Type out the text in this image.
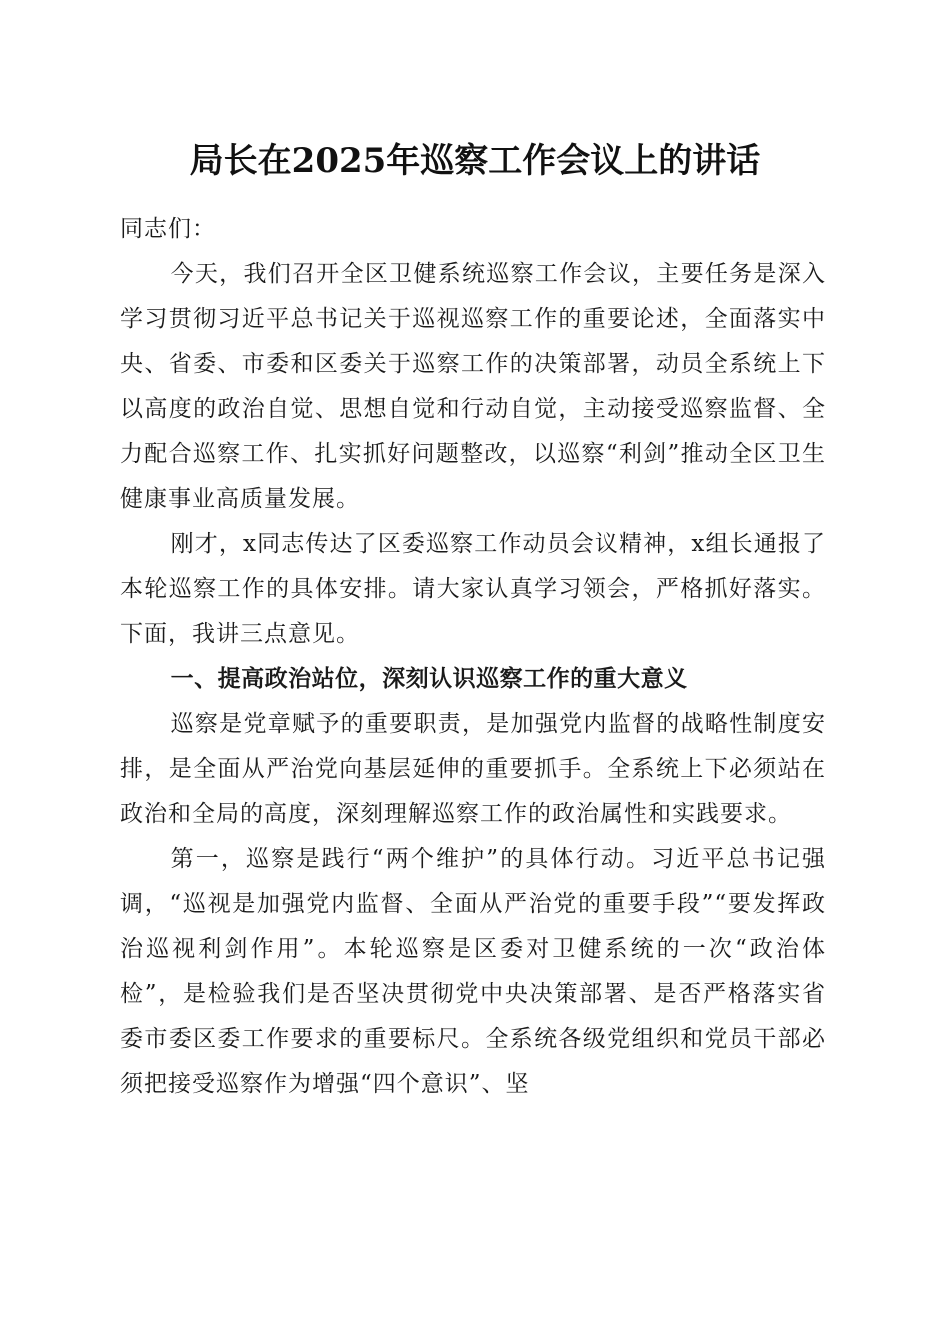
局长在2025年巡察工作会议上的讲话

同志们：

今天，我们召开全区卫健系统巡察工作会议，主要任务是深入学习贯彻习近平总书记关于巡视巡察工作的重要论述，全面落实中央、省委、市委和区委关于巡察工作的决策部署，动员全系统上下以高度的政治自觉、思想自觉和行动自觉，主动接受巡察监督、全力配合巡察工作、扎实抓好问题整改，以巡察“利剑”推动全区卫生健康事业高质量发展。

刚才，x同志传达了区委巡察工作动员会议精神，x组长通报了本轮巡察工作的具体安排。请大家认真学习领会，严格抓好落实。下面，我讲三点意见。

一、提高政治站位，深刻认识巡察工作的重大意义

巡察是党章赋予的重要职责，是加强党内监督的战略性制度安排，是全面从严治党向基层延伸的重要抓手。全系统上下必须站在政治和全局的高度，深刻理解巡察工作的政治属性和实践要求。

第一，巡察是践行“两个维护”的具体行动。习近平总书记强调，“巡视是加强党内监督、全面从严治党的重要手段”“要发挥政治巡视利剑作用”。本轮巡察是区委对卫健系统的一次“政治体检”，是检验我们是否坚决贯彻党中央决策部署、是否严格落实省委市委区委工作要求的重要标尺。全系统各级党组织和党员干部必须把接受巡察作为增强“四个意识”、坚
